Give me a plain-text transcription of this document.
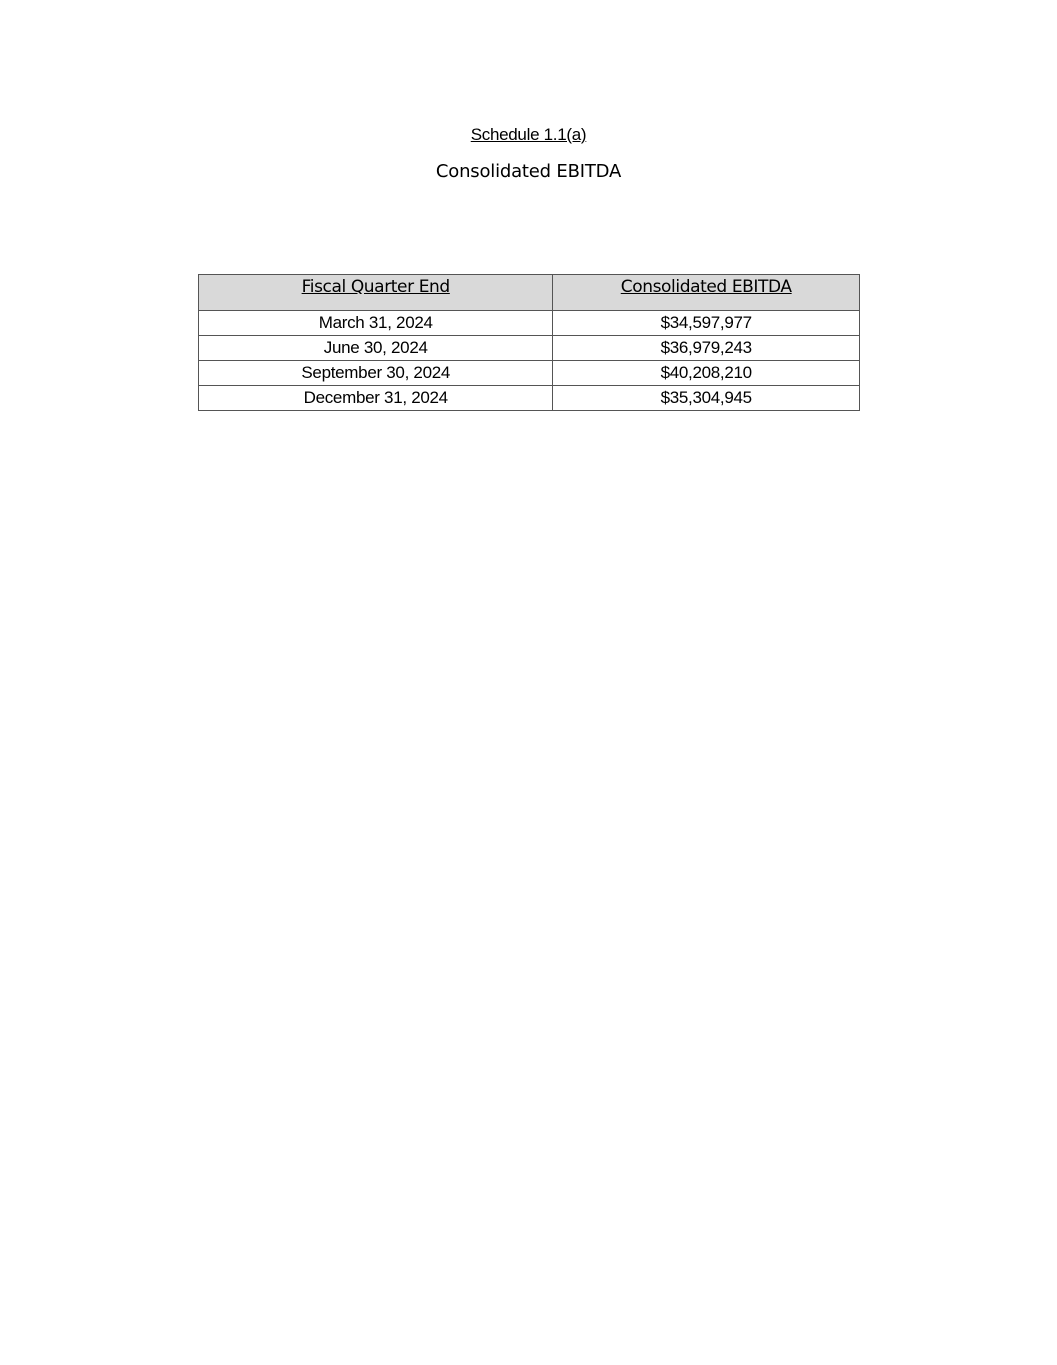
Schedule 1.1(a)
Consolidated EBITDA
Fiscal Quarter End	Consolidated EBITDA
March 31, 2024	$34,597,977
June 30, 2024	$36,979,243
September 30, 2024	$40,208,210
December 31, 2024	$35,304,945
